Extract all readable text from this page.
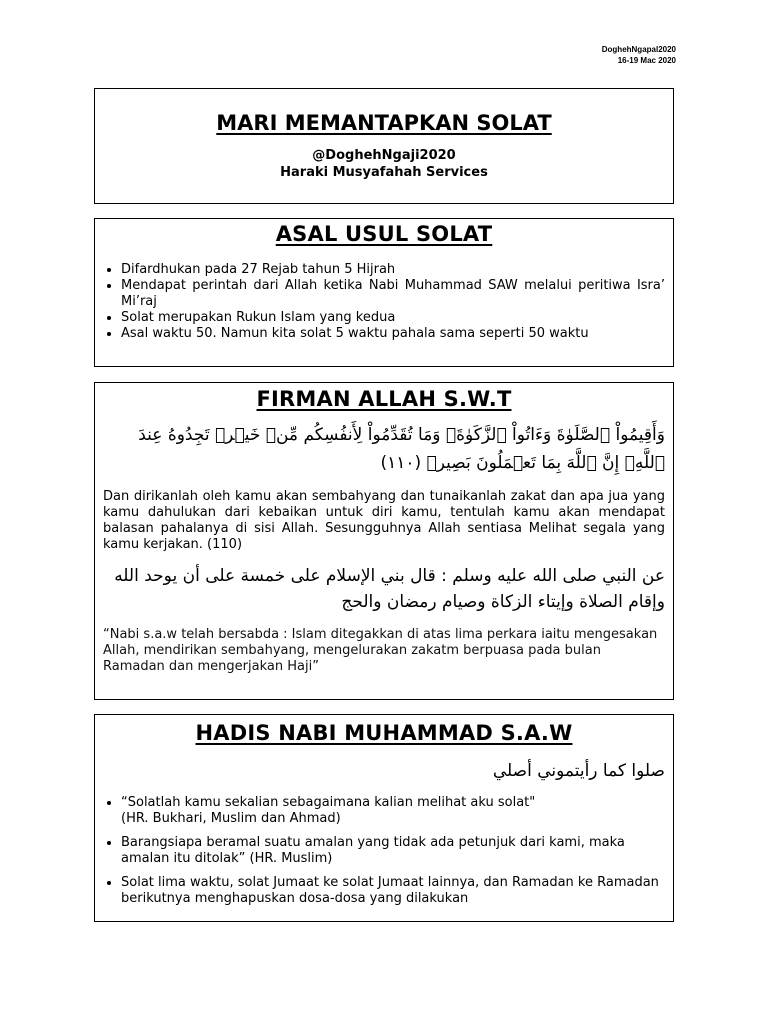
DoghehNgapal2020
16-19 Mac 2020
MARI MEMANTAPKAN SOLAT
@DoghehNgaji2020
Haraki Musyafahah Services
ASAL USUL SOLAT
• Difardhukan pada 27 Rejab tahun 5 Hijrah
• Mendapat perintah dari Allah ketika Nabi Muhammad SAW melalui peritiwa Isra’ Mi’raj
• Solat merupakan Rukun Islam yang kedua
• Asal waktu 50. Namun kita solat 5 waktu pahala sama seperti 50 waktu
FIRMAN ALLAH S.W.T
وَأَقِيمُواْ ٱلصَّلَوٰةَ وَءَاتُواْ ٱلزَّكَوٰةَۚ وَمَا تُقَدِّمُواْ لِأَنفُسِكُم مِّنۡ خَيۡرٖ تَجِدُوهُ عِندَ ٱللَّهِۗ إِنَّ ٱللَّهَ بِمَا تَعۡمَلُونَ بَصِيرٞ (١١٠)
Dan dirikanlah oleh kamu akan sembahyang dan tunaikanlah zakat dan apa jua yang kamu dahulukan dari kebaikan untuk diri kamu, tentulah kamu akan mendapat balasan pahalanya di sisi Allah. Sesungguhnya Allah sentiasa Melihat segala yang kamu kerjakan. (110)
عن النبي صلى الله عليه وسلم : قال بني الإسلام على خمسة على أن يوحد الله وإقام الصلاة وإيتاء الزكاة وصيام رمضان والحج
“Nabi s.a.w telah bersabda : Islam ditegakkan di atas lima perkara iaitu mengesakan Allah, mendirikan sembahyang, mengelurakan zakatm berpuasa pada bulan Ramadan dan mengerjakan Haji”
HADIS NABI MUHAMMAD S.A.W
صلوا كما رأيتموني أصلي
• “Solatlah kamu sekalian sebagaimana kalian melihat aku solat"
(HR. Bukhari, Muslim dan Ahmad)
• Barangsiapa beramal suatu amalan yang tidak ada petunjuk dari kami, maka amalan itu ditolak” (HR. Muslim)
• Solat lima waktu, solat Jumaat ke solat Jumaat lainnya, dan Ramadan ke Ramadan berikutnya menghapuskan dosa-dosa yang dilakukan
